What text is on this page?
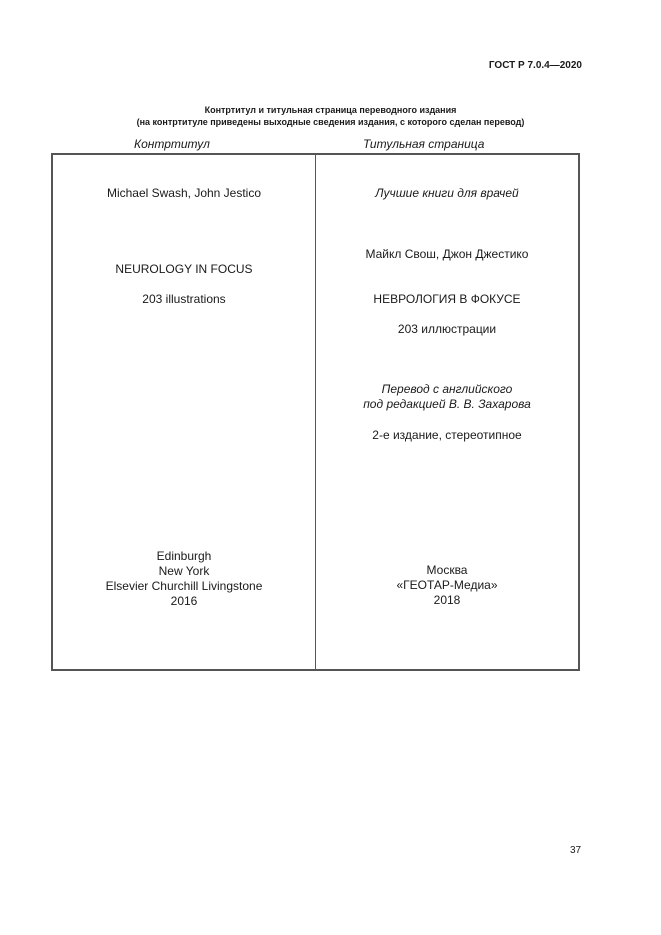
ГОСТ Р 7.0.4—2020
Контртитул и титульная страница переводного издания
(на контртитуле приведены выходные сведения издания, с которого сделан перевод)
Контртитул	Титульная страница
Michael Swash, John Jestico
NEUROLOGY IN FOCUS
203 illustrations
Edinburgh
New York
Elsevier Churchill Livingstone
2016
Лучшие книги для врачей
Майкл Свош, Джон Джестико
НЕВРОЛОГИЯ В ФОКУСЕ
203 иллюстрации
Перевод с английского
под редакцией В. В. Захарова
2-е издание, стереотипное
Москва
«ГЕОТАР-Медиа»
2018
37
